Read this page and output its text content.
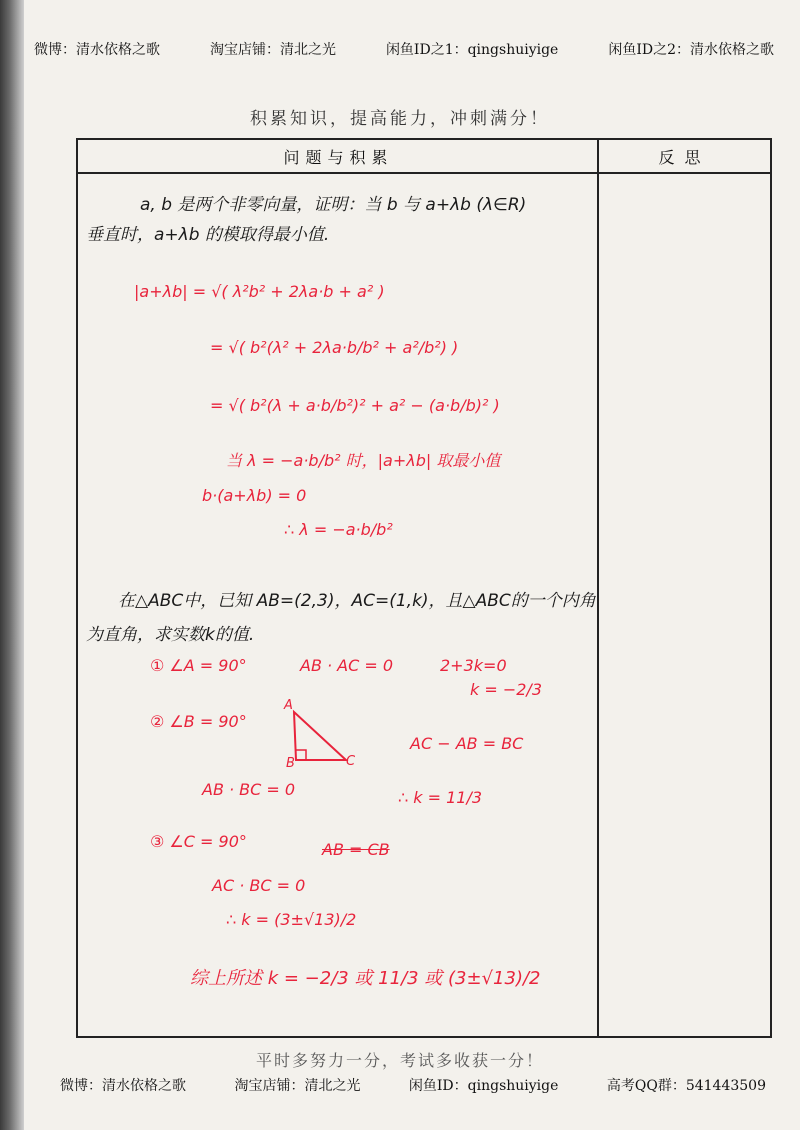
微博：清水依格之歌	淘宝店铺：清北之光	闲鱼ID之1：qingshuiyige	闲鱼ID之2：清水依格之歌
积累知识，提高能力，冲刺满分！
问题与积累	反思

a, b 是两个非零向量，证明：当 b 与 a+λb (λ∈R)
垂直时，a+λb 的模取得最小值.
|a+λb| = √( λ²b² + 2λa·b + a² )
= √( b²(λ² + 2λa·b/b² + a²/b²) )
= √( b²(λ + a·b/b²)² + a² − (a·b/b)² )
当 λ = −a·b/b² 时，|a+λb| 取最小值
b·(a+λb) = 0
∴ λ = −a·b/b²
在△ABC中，已知 AB=(2,3)，AC=(1,k)，且△ABC的一个内角
为直角，求实数k的值.
① ∠A = 90°	AB · AC = 0	2+3k=0
k = −2/3
② ∠B = 90°
A
B	C
AC − AB = BC
AB · BC = 0	∴ k = 11/3
③ ∠C = 90°	AB = CB
AC · BC = 0
∴ k = (3±√13)/2
综上所述 k = −2/3 或 11/3 或 (3±√13)/2
平时多努力一分，考试多收获一分！
微博：清水依格之歌	淘宝店铺：清北之光	闲鱼ID：qingshuiyige	高考QQ群：541443509
